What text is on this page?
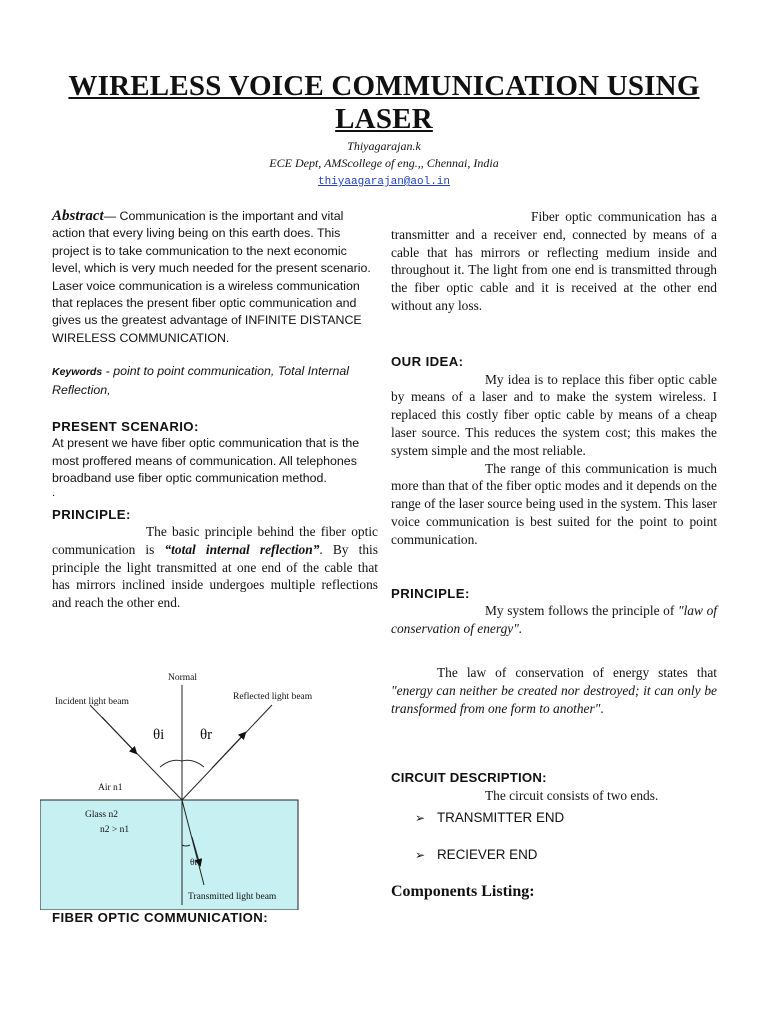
WIRELESS VOICE COMMUNICATION USING
LASER
Thiyagarajan.k
ECE Dept, AMScollege of eng.,, Chennai, India
thiyaagarajan@aol.in

Abstract— Communication is the important and vital action that every living being on this earth does. This project is to take communication to the next economic level, which is very much needed for the present scenario. Laser voice communication is a wireless communication that replaces the present fiber optic communication and gives us the greatest advantage of INFINITE DISTANCE WIRELESS COMMUNICATION.

Keywords - point to point communication, Total Internal Reflection,

PRESENT SCENARIO:

At present we have fiber optic communication that is the most proffered means of communication. All telephones broadband use fiber optic communication method.

.

PRINCIPLE:

The basic principle behind the fiber optic communication is “total internal reflection”. By this principle the light transmitted at one end of the cable that has mirrors inclined inside undergoes multiple reflections and reach the other end.

Normal
Incident light beam	Reflected light beam
θi θr
Air n1
Glass n2
n2 > n1
θt
Transmitted light beam
FIBER OPTIC COMMUNICATION:

Fiber optic communication has a transmitter and a receiver end, connected by means of a cable that has mirrors or reflecting medium inside and throughout it. The light from one end is transmitted through the fiber optic cable and it is received at the other end without any loss.

OUR IDEA:

My idea is to replace this fiber optic cable by means of a laser and to make the system wireless. I replaced this costly fiber optic cable by means of a cheap laser source. This reduces the system cost; this makes the system simple and the most reliable.

The range of this communication is much more than that of the fiber optic modes and it depends on the range of the laser source being used in the system. This laser voice communication is best suited for the point to point communication.

PRINCIPLE:

My system follows the principle of "law of conservation of energy".

The law of conservation of energy states that "energy can neither be created nor destroyed; it can only be transformed from one form to another".

CIRCUIT DESCRIPTION:

The circuit consists of two ends.

➢ TRANSMITTER END
➢ RECIEVER END

Components Listing:
